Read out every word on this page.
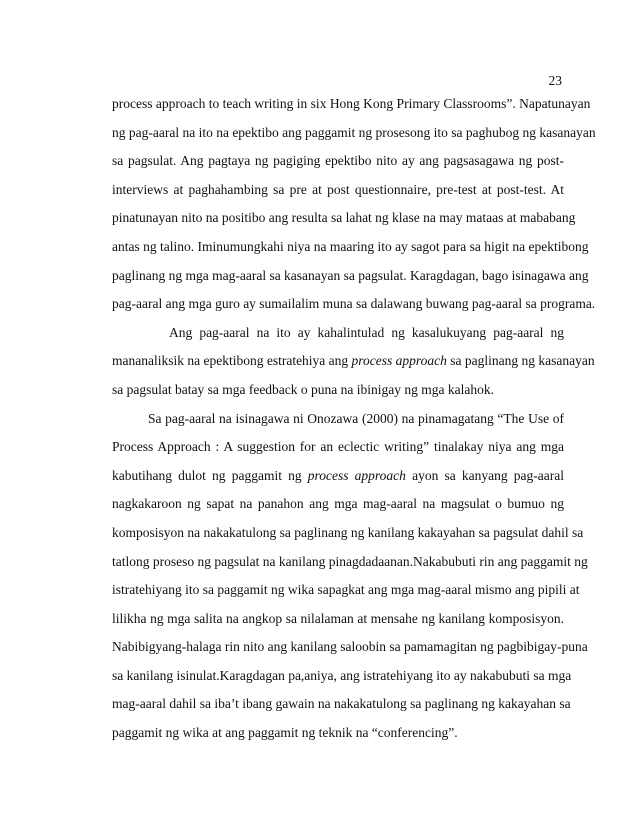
23
process approach to teach writing in six Hong Kong Primary Classrooms”. Napatunayan
ng pag-aaral na ito na epektibo ang paggamit ng prosesong ito sa paghubog ng kasanayan
sa pagsulat. Ang pagtaya ng pagiging epektibo nito ay ang pagsasagawa ng post-
interviews at paghahambing sa pre at post questionnaire, pre-test at post-test. At
pinatunayan nito na positibo ang resulta sa lahat ng klase na may mataas at mababang
antas ng talino. Iminumungkahi niya na maaring ito ay sagot para sa higit na epektibong
paglinang ng mga mag-aaral sa kasanayan sa pagsulat. Karagdagan, bago isinagawa ang
pag-aaral ang mga guro ay sumailalim muna sa dalawang buwang pag-aaral sa programa.
Ang pag-aaral na ito ay kahalintulad ng kasalukuyang pag-aaral ng
mananaliksik na epektibong estratehiya ang process approach sa paglinang ng kasanayan
sa pagsulat batay sa mga feedback o puna na ibinigay ng mga kalahok.
Sa pag-aaral na isinagawa ni Onozawa (2000) na pinamagatang “The Use of
Process Approach : A suggestion for an eclectic writing” tinalakay niya ang mga
kabutihang dulot ng paggamit ng process approach ayon sa kanyang pag-aaral
nagkakaroon ng sapat na panahon ang mga mag-aaral na magsulat o bumuo ng
komposisyon na nakakatulong sa paglinang ng kanilang kakayahan sa pagsulat dahil sa
tatlong proseso ng pagsulat na kanilang pinagdadaanan.Nakabubuti rin ang paggamit ng
istratehiyang ito sa paggamit ng wika sapagkat ang mga mag-aaral mismo ang pipili at
lilikha ng mga salita na angkop sa nilalaman at mensahe ng kanilang komposisyon.
Nabibigyang-halaga rin nito ang kanilang saloobin sa pamamagitan ng pagbibigay-puna
sa kanilang isinulat.Karagdagan pa,aniya, ang istratehiyang ito ay nakabubuti sa mga
mag-aaral dahil sa iba’t ibang gawain na nakakatulong sa paglinang ng kakayahan sa
paggamit ng wika at ang paggamit ng teknik na “conferencing”.
